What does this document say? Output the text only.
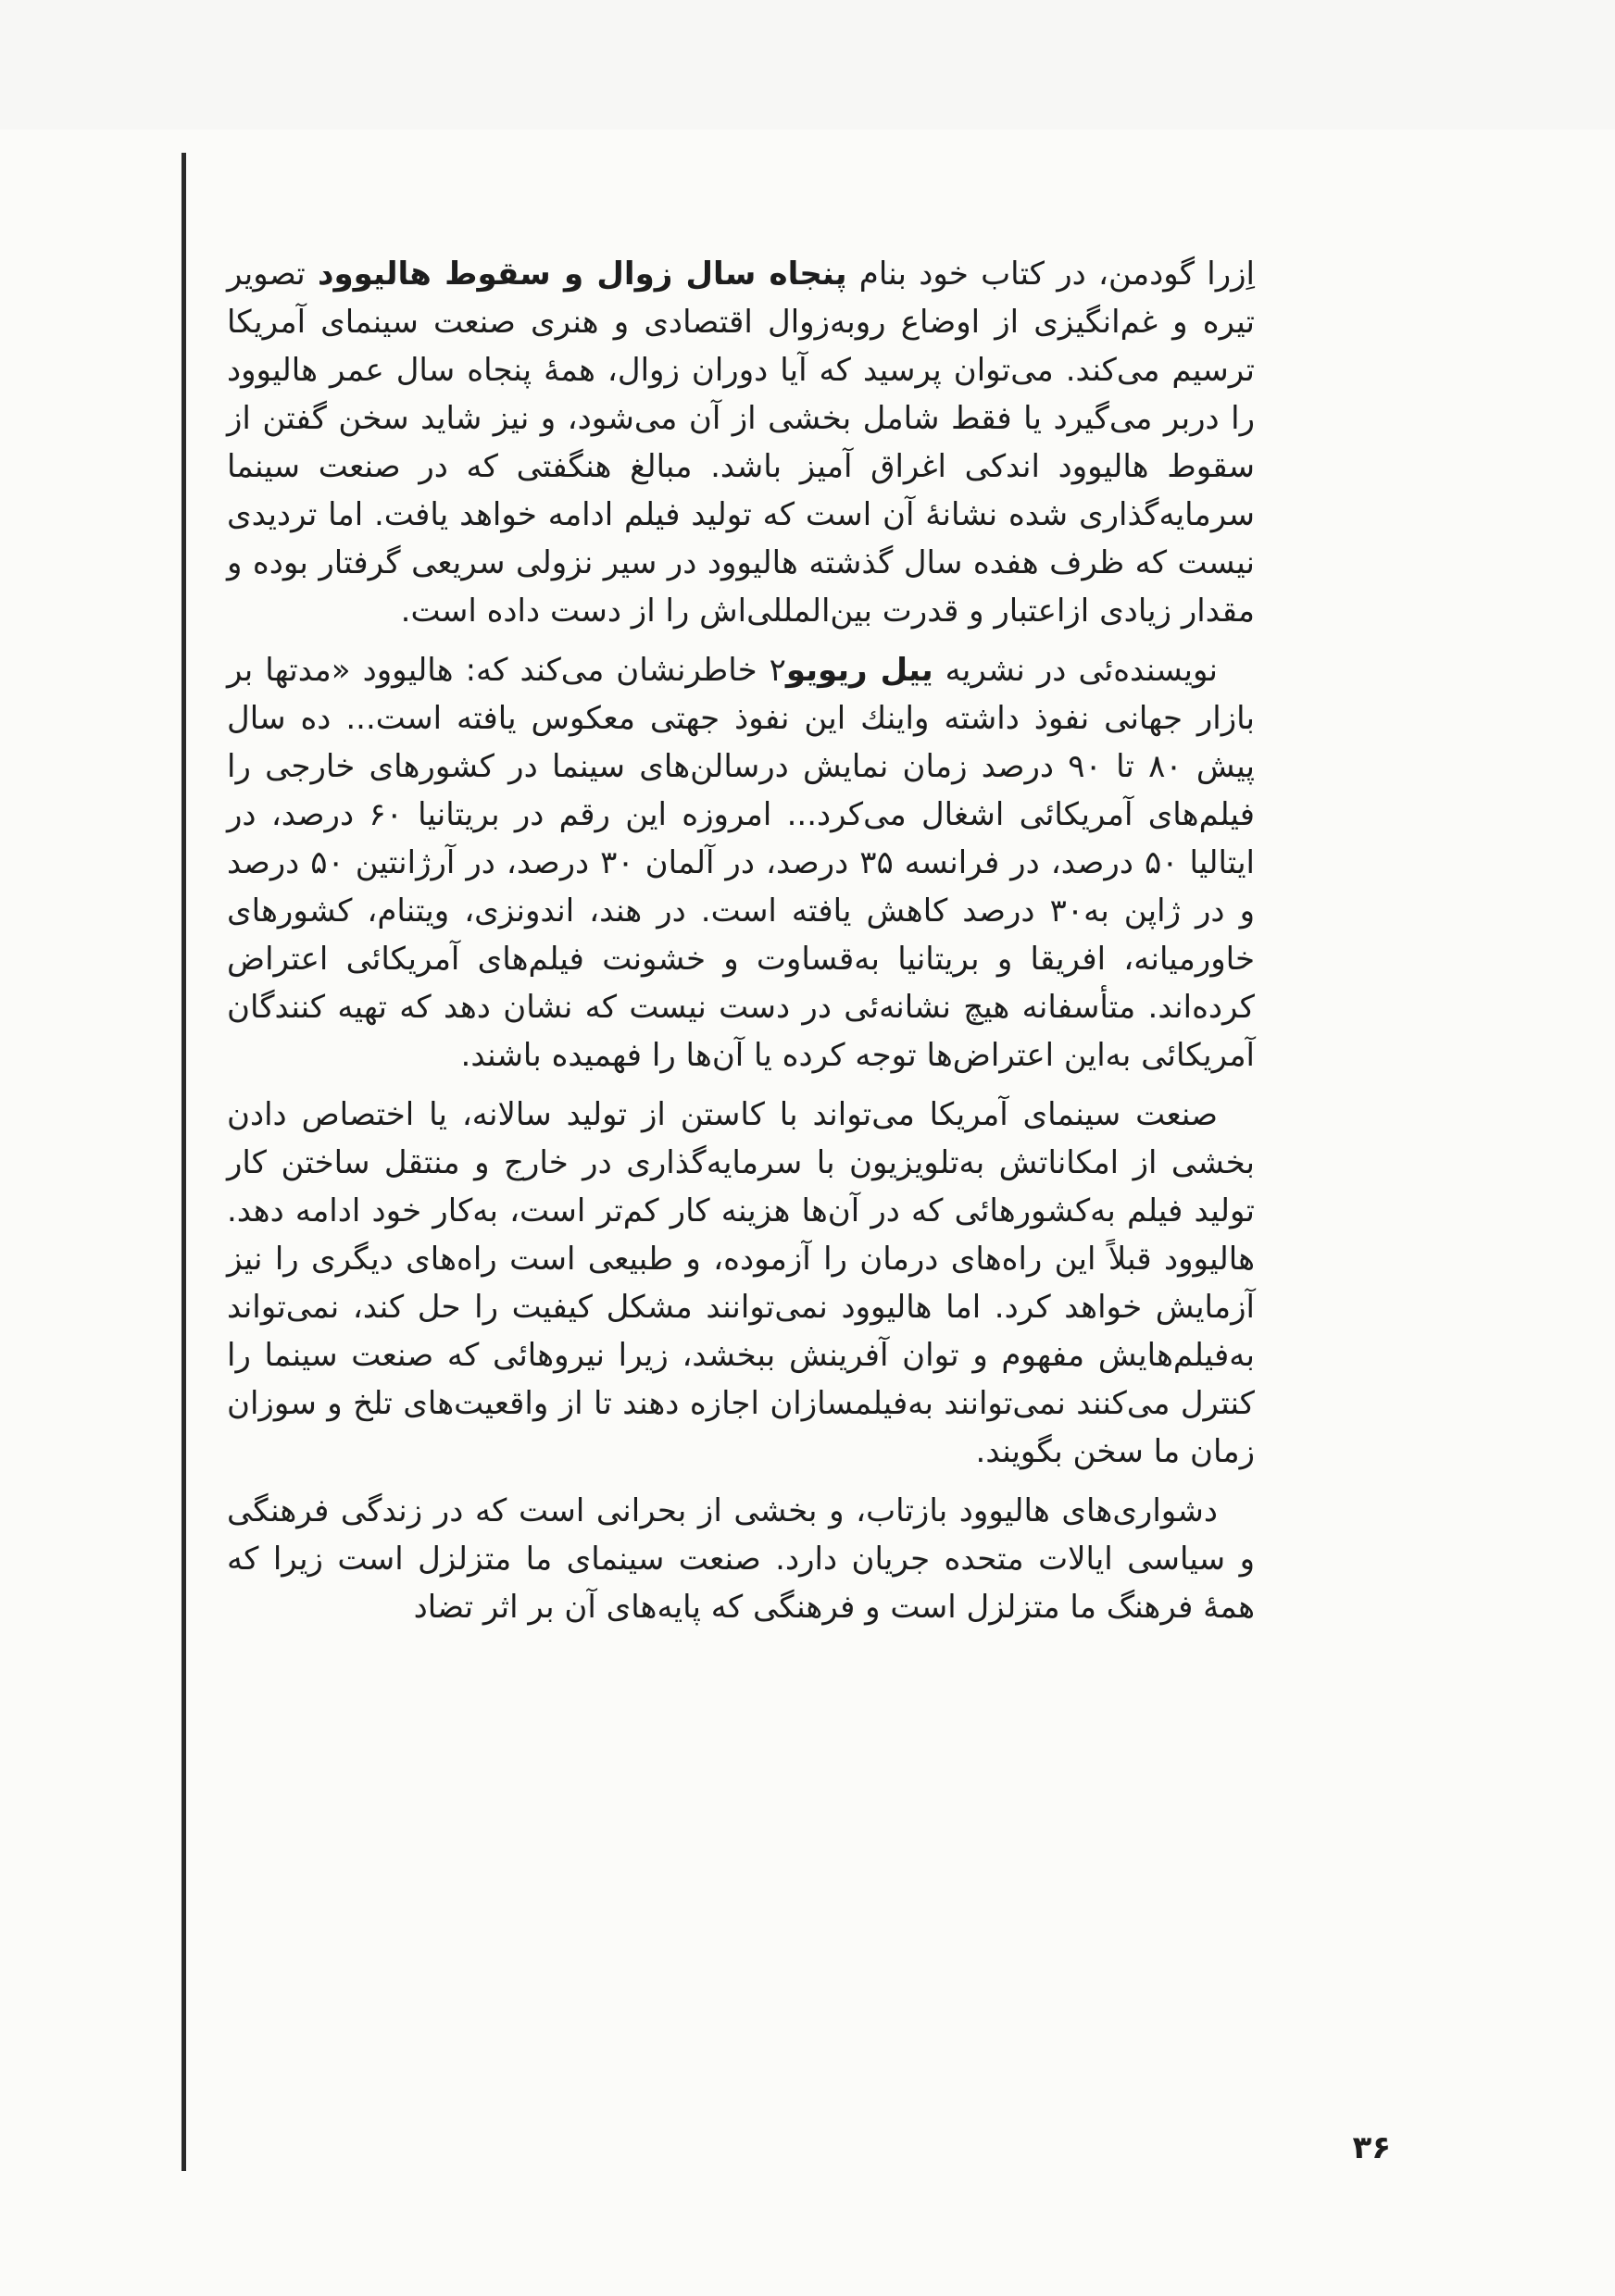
اِزرا گودمن، در کتاب خود بنام پنجاه سال زوال و سقوط هالیوود تصویر تیره و غم‌انگیزی از اوضاع روبه‌زوال اقتصادی و هنری صنعت سینمای آمریکا ترسیم می‌کند. می‌توان پرسید که آیا دوران زوال، همهٔ پنجاه سال عمر هالیوود را دربر می‌گیرد یا فقط شامل بخشی از آن می‌شود، و نیز شاید سخن گفتن از سقوط هالیوود اندکی اغراق آمیز باشد. مبالغ هنگفتی که در صنعت سینما سرمایه‌گذاری شده نشانهٔ آن است که تولید فیلم ادامه خواهد یافت. اما تردیدی نیست که ظرف هفده سال گذشته هالیوود در سیر نزولی سریعی گرفتار بوده و مقدار زیادی ازاعتبار و قدرت بین‌المللی‌اش را از دست داده است.

نویسنده‌ئی در نشریه ییل ریویو۲ خاطرنشان می‌کند که: هالیوود «مدتها بر بازار جهانی نفوذ داشته واینك این نفوذ جهتی معکوس یافته است... ده سال پیش ۸۰ تا ۹۰ درصد زمان نمایش درسالن‌های سینما در کشورهای خارجی را فیلم‌های آمریکائی اشغال می‌کرد... امروزه این رقم در بریتانیا ۶۰ درصد، در ایتالیا ۵۰ درصد، در فرانسه ۳۵ درصد، در آلمان ۳۰ درصد، در آرژانتین ۵۰ درصد و در ژاپن به۳۰ درصد کاهش یافته است. در هند، اندونزی، ویتنام، کشورهای خاورمیانه، افریقا و بریتانیا به‌قساوت و خشونت فیلم‌های آمریکائی اعتراض کرده‌اند. متأسفانه هیچ نشانه‌ئی در دست نیست که نشان دهد که تهیه کنندگان آمریکائی به‌این اعتراض‌ها توجه کرده یا آن‌ها را فهمیده باشند.

صنعت سینمای آمریکا می‌تواند با کاستن از تولید سالانه، یا اختصاص دادن بخشی از امکاناتش به‌تلویزیون با سرمایه‌گذاری در خارج و منتقل ساختن کار تولید فیلم به‌کشورهائی که در آن‌ها هزینه کار کم‌تر است، به‌کار خود ادامه دهد. هالیوود قبلاً این راه‌های درمان را آزموده، و طبیعی است راه‌های دیگری را نیز آزمایش خواهد کرد. اما هالیوود نمی‌توانند مشکل کیفیت را حل کند، نمی‌تواند به‌فیلم‌هایش مفهوم و توان آفرینش ببخشد، زیرا نیروهائی که صنعت سینما را کنترل می‌کنند نمی‌توانند به‌فیلمسازان اجازه دهند تا از واقعیت‌های تلخ و سوزان زمان ما سخن بگویند.

دشواری‌های هالیوود بازتاب، و بخشی از بحرانی است که در زندگی فرهنگی و سیاسی ایالات متحده جریان دارد. صنعت سینمای ما متزلزل است زیرا که همهٔ فرهنگ ما متزلزل است و فرهنگی که پایه‌های آن بر اثر تضاد

۳۶
